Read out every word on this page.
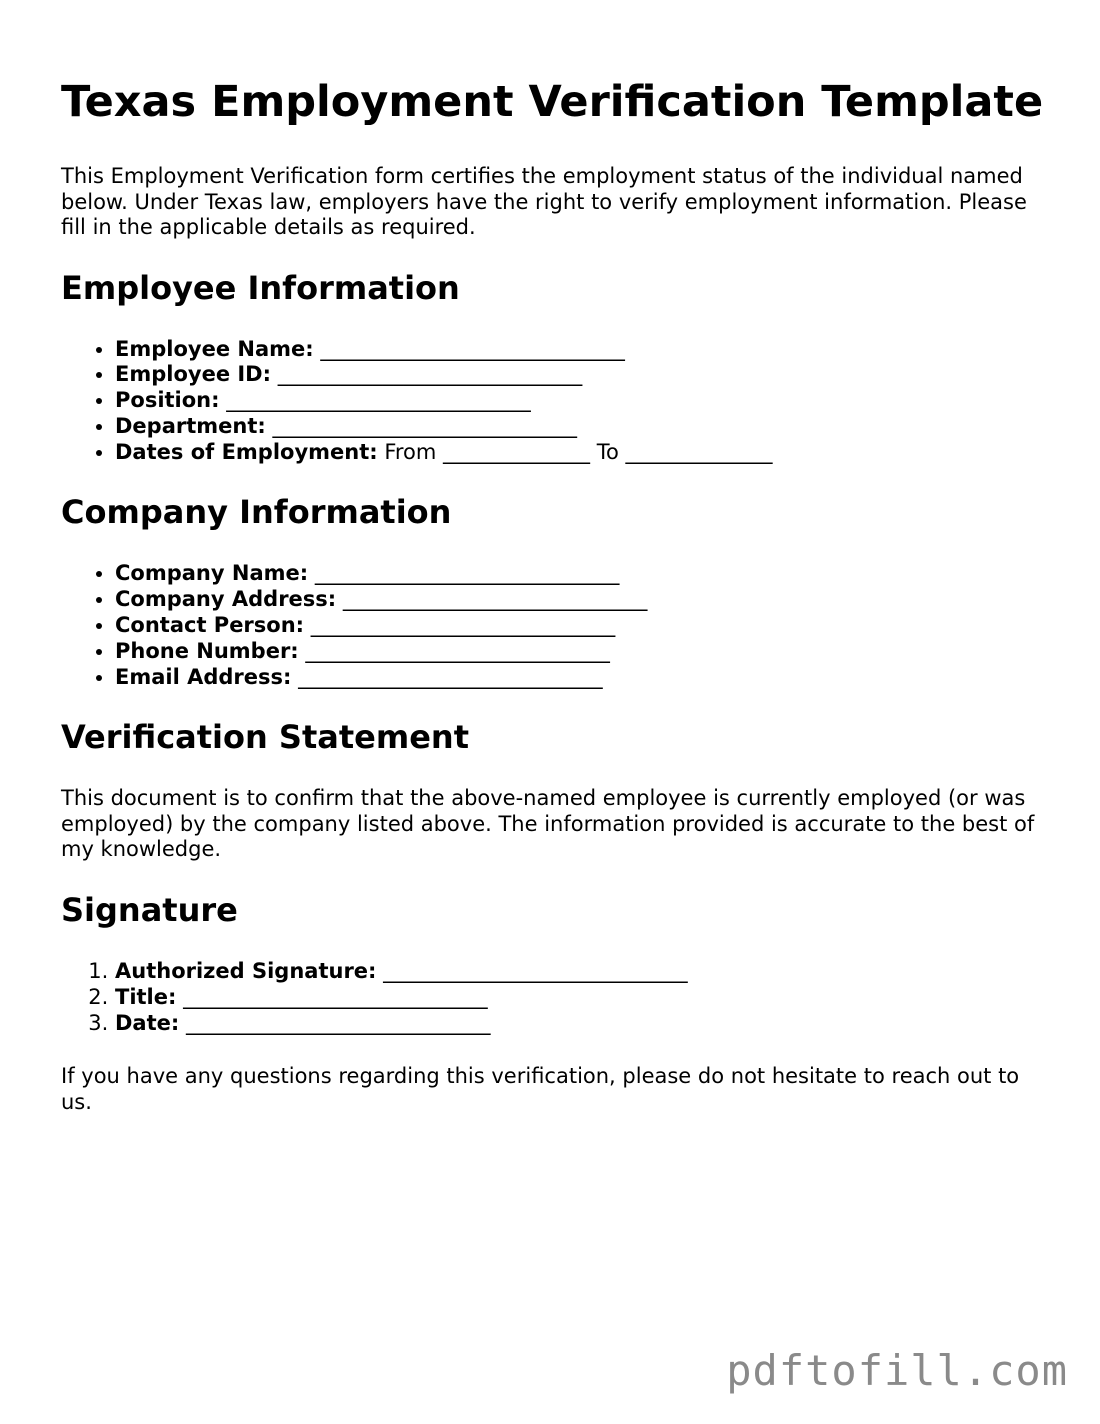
Texas Employment Verification Template

This Employment Verification form certifies the employment status of the individual named below. Under Texas law, employers have the right to verify employment information. Please fill in the applicable details as required.

Employee Information
• Employee Name: _____________________________
• Employee ID: _____________________________
• Position: _____________________________
• Department: _____________________________
• Dates of Employment: From ______________ To ______________
Company Information
• Company Name: _____________________________
• Company Address: _____________________________
• Contact Person: _____________________________
• Phone Number: _____________________________
• Email Address: _____________________________
Verification Statement

This document is to confirm that the above-named employee is currently employed (or was employed) by the company listed above. The information provided is accurate to the best of my knowledge.

Signature
1. Authorized Signature: _____________________________
2. Title: _____________________________
3. Date: _____________________________

If you have any questions regarding this verification, please do not hesitate to reach out to us.

pdftofill.com
